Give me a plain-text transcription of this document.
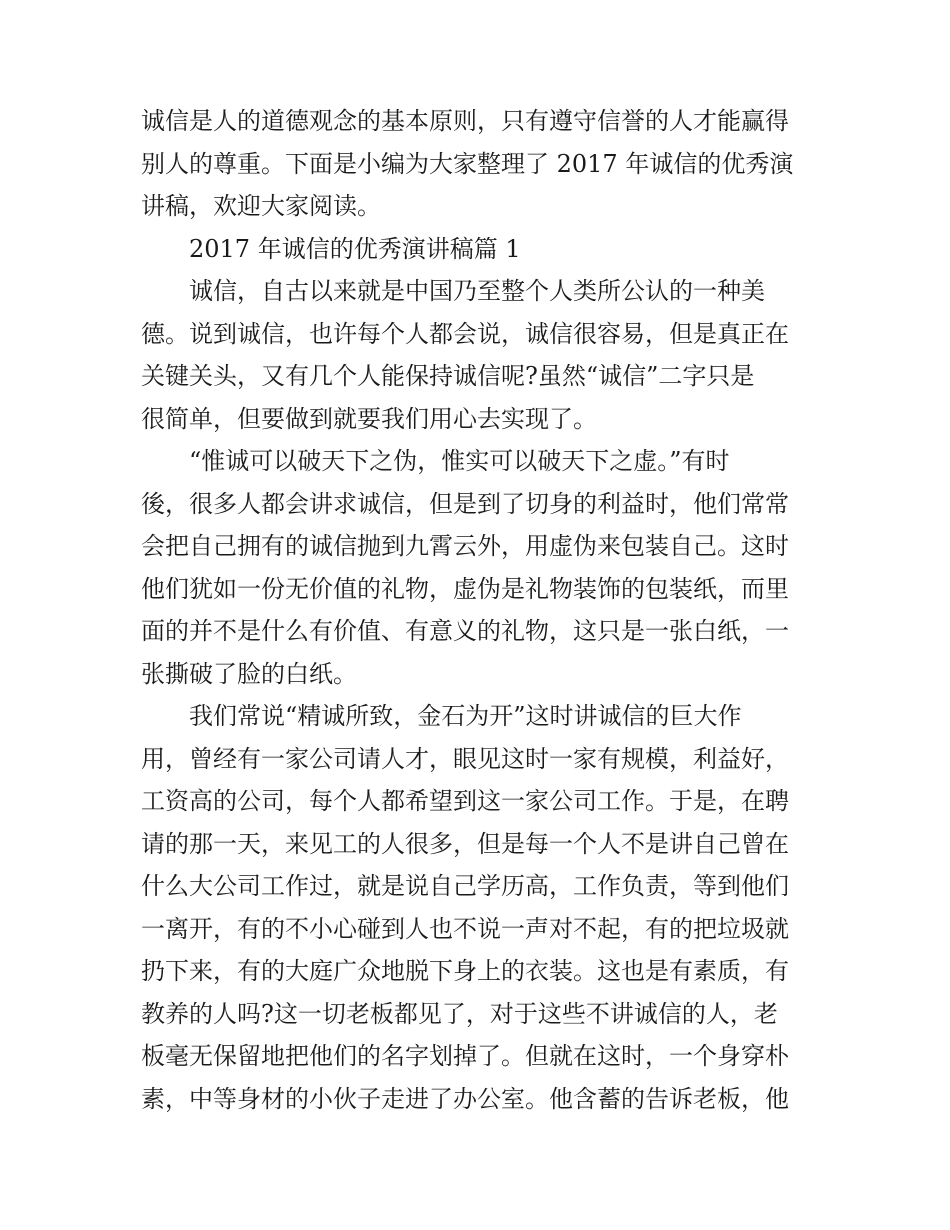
诚信是人的道德观念的基本原则，只有遵守信誉的人才能赢得
别人的尊重。下面是小编为大家整理了 2017 年诚信的优秀演
讲稿，欢迎大家阅读。
2017 年诚信的优秀演讲稿篇 1
诚信，自古以来就是中国乃至整个人类所公认的一种美
德。说到诚信，也许每个人都会说，诚信很容易，但是真正在
关键关头，又有几个人能保持诚信呢?虽然“诚信”二字只是
很简单，但要做到就要我们用心去实现了。
“惟诚可以破天下之伪，惟实可以破天下之虚。”有时
後，很多人都会讲求诚信，但是到了切身的利益时，他们常常
会把自己拥有的诚信抛到九霄云外，用虚伪来包装自己。这时
他们犹如一份无价值的礼物，虚伪是礼物装饰的包装纸，而里
面的并不是什么有价值、有意义的礼物，这只是一张白纸，一
张撕破了脸的白纸。
我们常说“精诚所致，金石为开”这时讲诚信的巨大作
用，曾经有一家公司请人才，眼见这时一家有规模，利益好，
工资高的公司，每个人都希望到这一家公司工作。于是，在聘
请的那一天，来见工的人很多，但是每一个人不是讲自己曾在
什么大公司工作过，就是说自己学历高，工作负责，等到他们
一离开，有的不小心碰到人也不说一声对不起，有的把垃圾就
扔下来，有的大庭广众地脱下身上的衣装。这也是有素质，有
教养的人吗?这一切老板都见了，对于这些不讲诚信的人，老
板毫无保留地把他们的名字划掉了。但就在这时，一个身穿朴
素，中等身材的小伙子走进了办公室。他含蓄的告诉老板，他
